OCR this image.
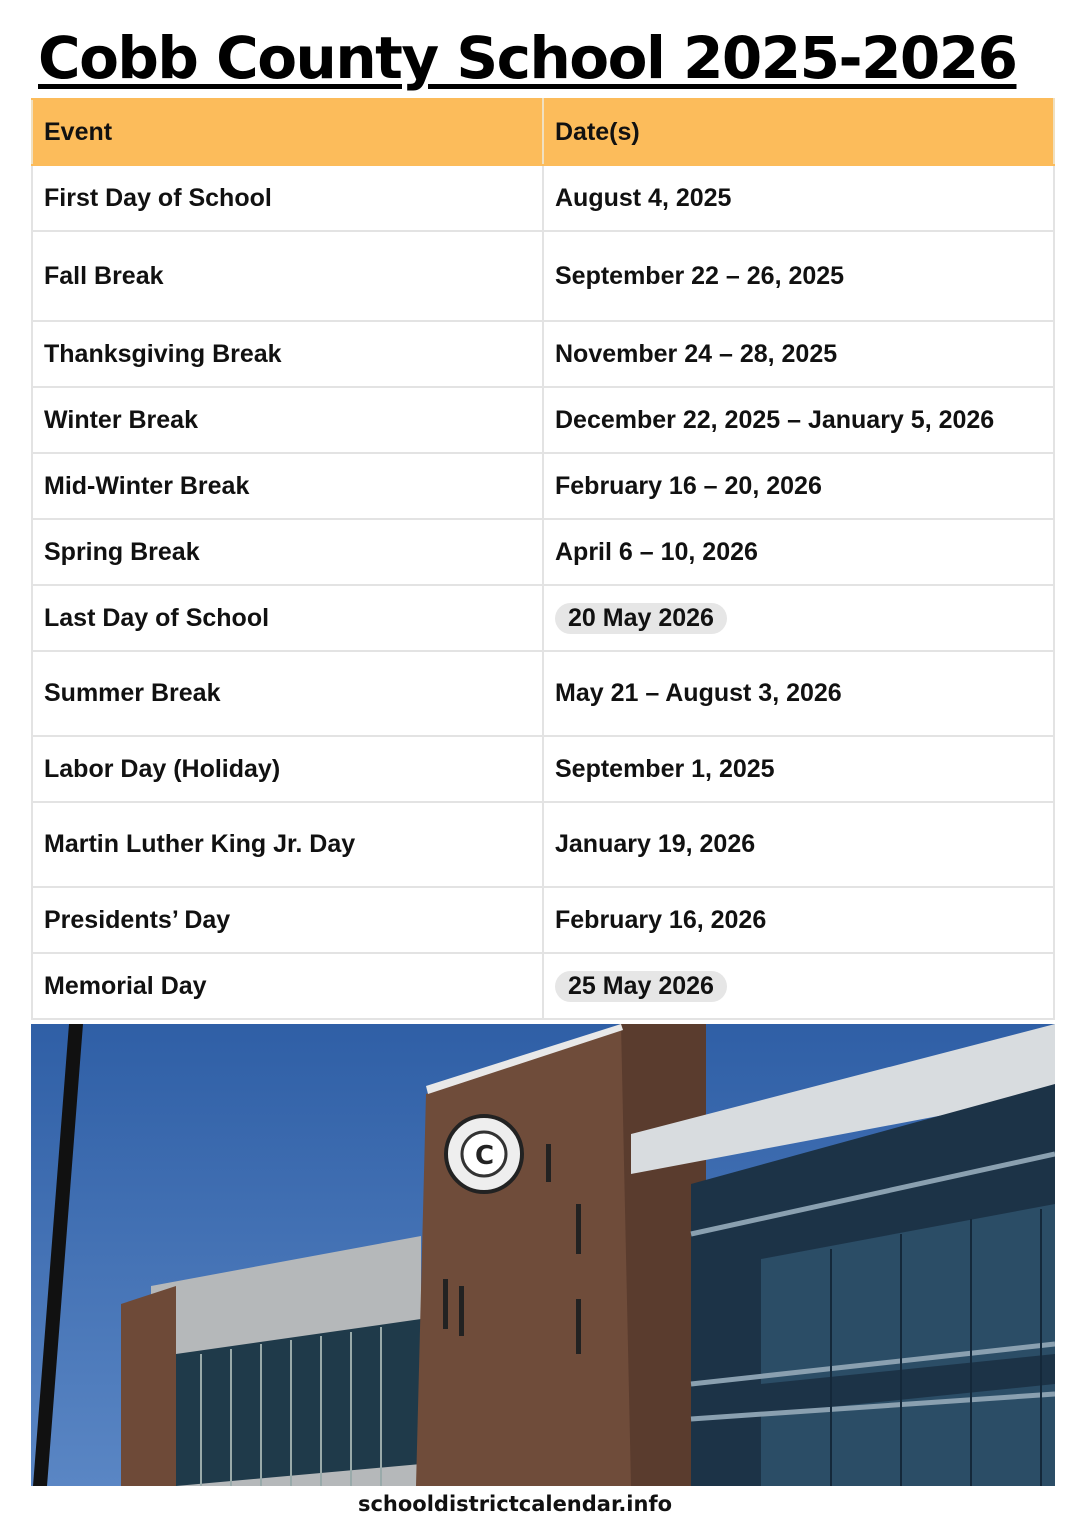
Cobb County School 2025-2026
Event	Date(s)
First Day of School	August 4, 2025
Fall Break	September 22 – 26, 2025
Thanksgiving Break	November 24 – 28, 2025
Winter Break	December 22, 2025 – January 5, 2026
Mid-Winter Break	February 16 – 20, 2026
Spring Break	April 6 – 10, 2026
Last Day of School	20 May 2026
Summer Break	May 21 – August 3, 2026
Labor Day (Holiday)	September 1, 2025
Martin Luther King Jr. Day	January 19, 2026
Presidents’ Day	February 16, 2026
Memorial Day	25 May 2026
C
schooldistrictcalendar.info
